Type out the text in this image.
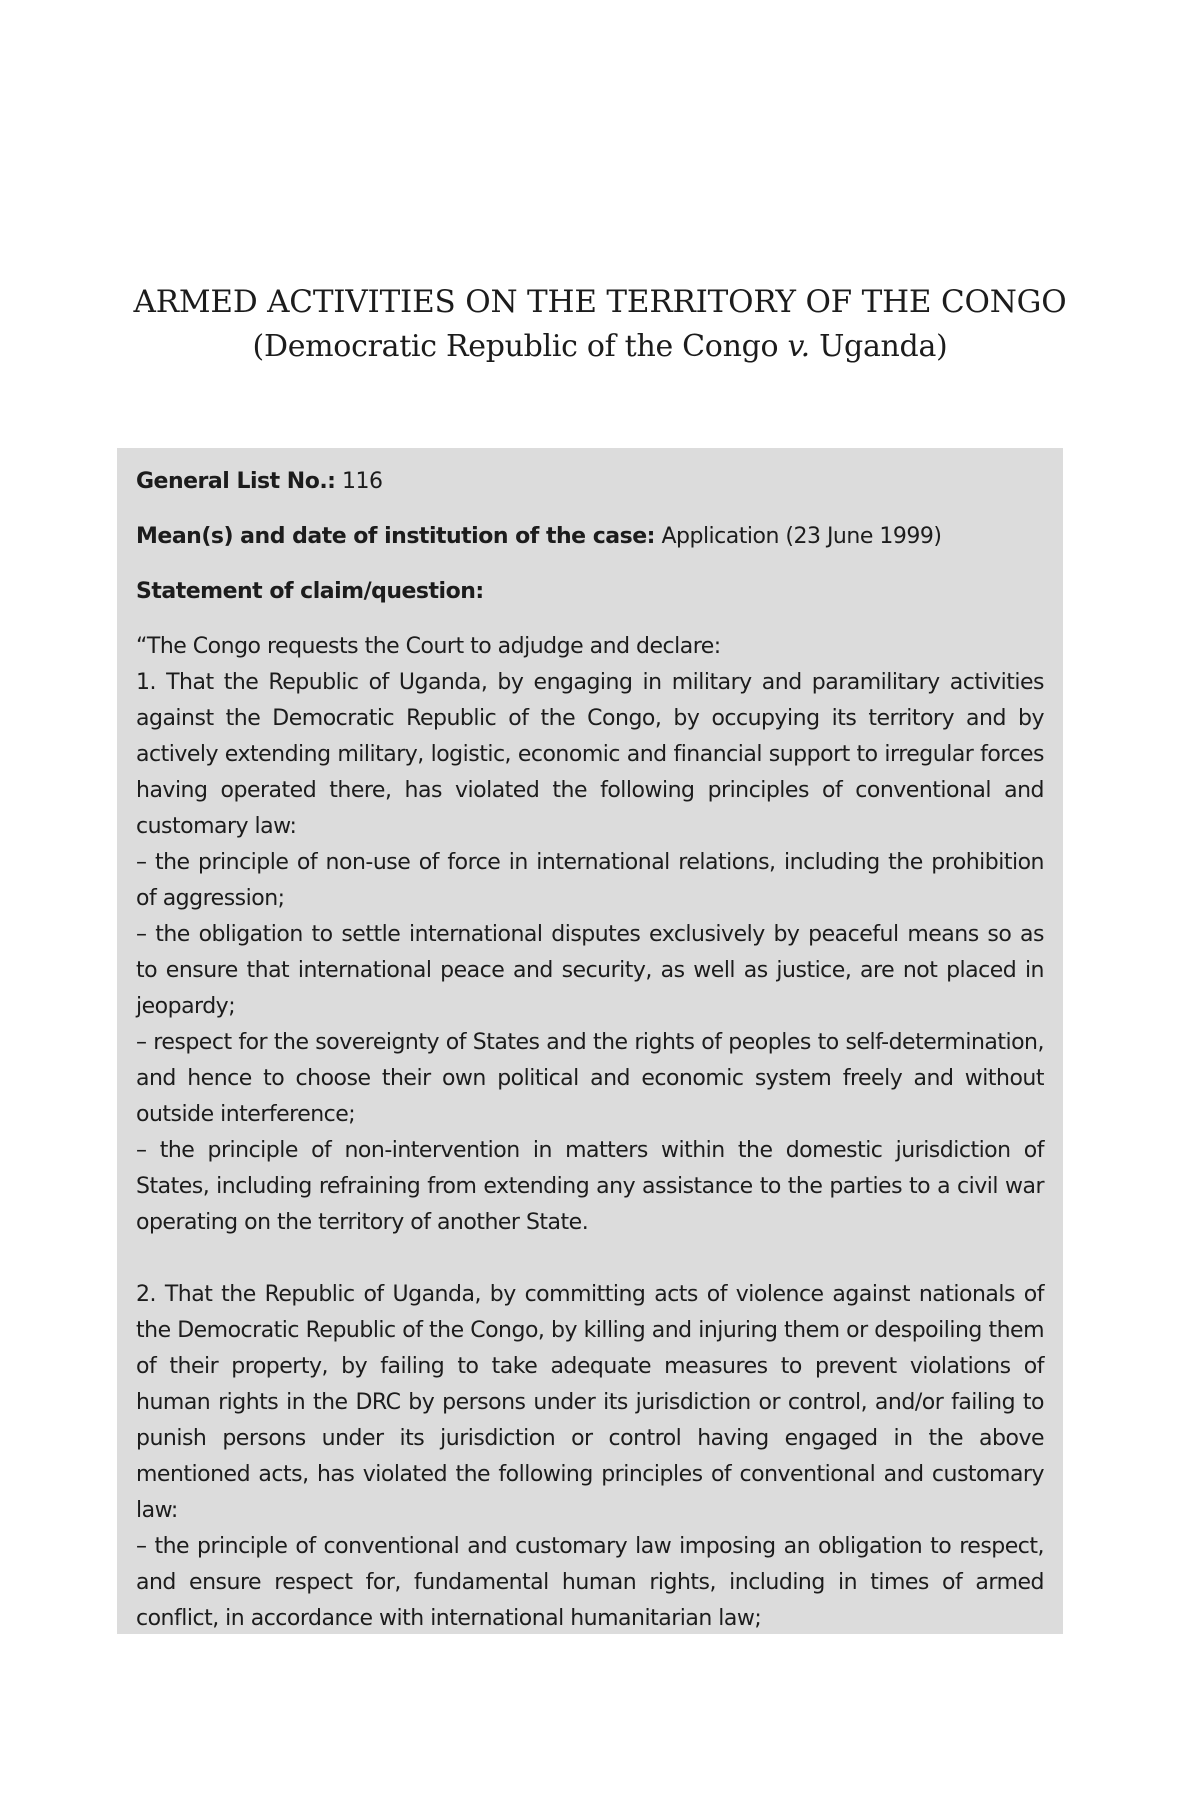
ARMED ACTIVITIES ON THE TERRITORY OF THE CONGO
(Democratic Republic of the Congo v. Uganda)

General List No.: 116

Mean(s) and date of institution of the case: Application (23 June 1999)

Statement of claim/question:

“The Congo requests the Court to adjudge and declare:

1. That the Republic of Uganda, by engaging in military and paramilitary activities against the Democratic Republic of the Congo, by occupying its territory and by actively extending military, logistic, economic and financial support to irregular forces having operated there, has violated the following principles of conventional and customary law:

– the principle of non-use of force in international relations, including the prohibition of aggression;

– the obligation to settle international disputes exclusively by peaceful means so as to ensure that international peace and security, as well as justice, are not placed in jeopardy;

– respect for the sovereignty of States and the rights of peoples to self-determination, and hence to choose their own political and economic system freely and without outside interference;

– the principle of non-intervention in matters within the domestic jurisdiction of States, including refraining from extending any assistance to the parties to a civil war operating on the territory of another State.

2. That the Republic of Uganda, by committing acts of violence against nationals of the Democratic Republic of the Congo, by killing and injuring them or despoiling them of their property, by failing to take adequate measures to prevent violations of human rights in the DRC by persons under its jurisdiction or control, and/or failing to punish persons under its jurisdiction or control having engaged in the above mentioned acts, has violated the following principles of conventional and customary law:

– the principle of conventional and customary law imposing an obligation to respect, and ensure respect for, fundamental human rights, including in times of armed conflict, in accordance with international humanitarian law;
